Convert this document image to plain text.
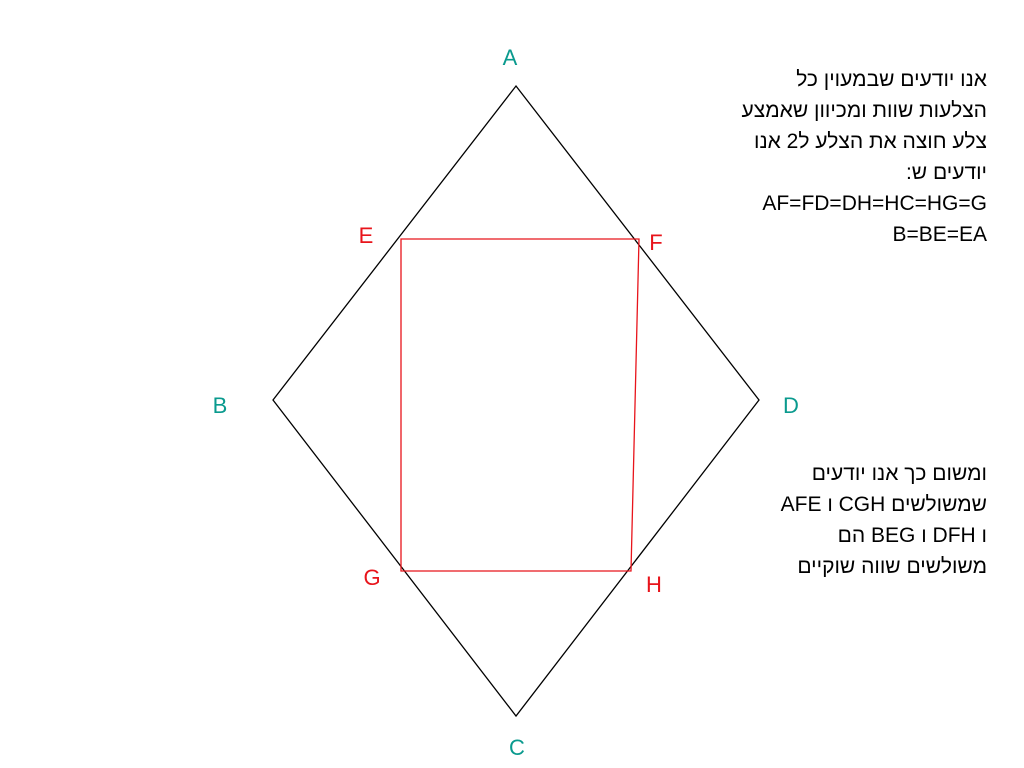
A
B
C
D
E	F
G	H
אנו יודעים שבמעוין כל
הצלעות שוות ומכיוון שאמצע
צלע חוצה את הצלע ל2 אנו
יודעים ש:
AF=FD=DH=HC=HG=G
B=BE=EA
ומשום כך אנו יודעים
שמשולשים CGH ו AFE
ו DFH ו BEG הם
משולשים שווה שוקיים
